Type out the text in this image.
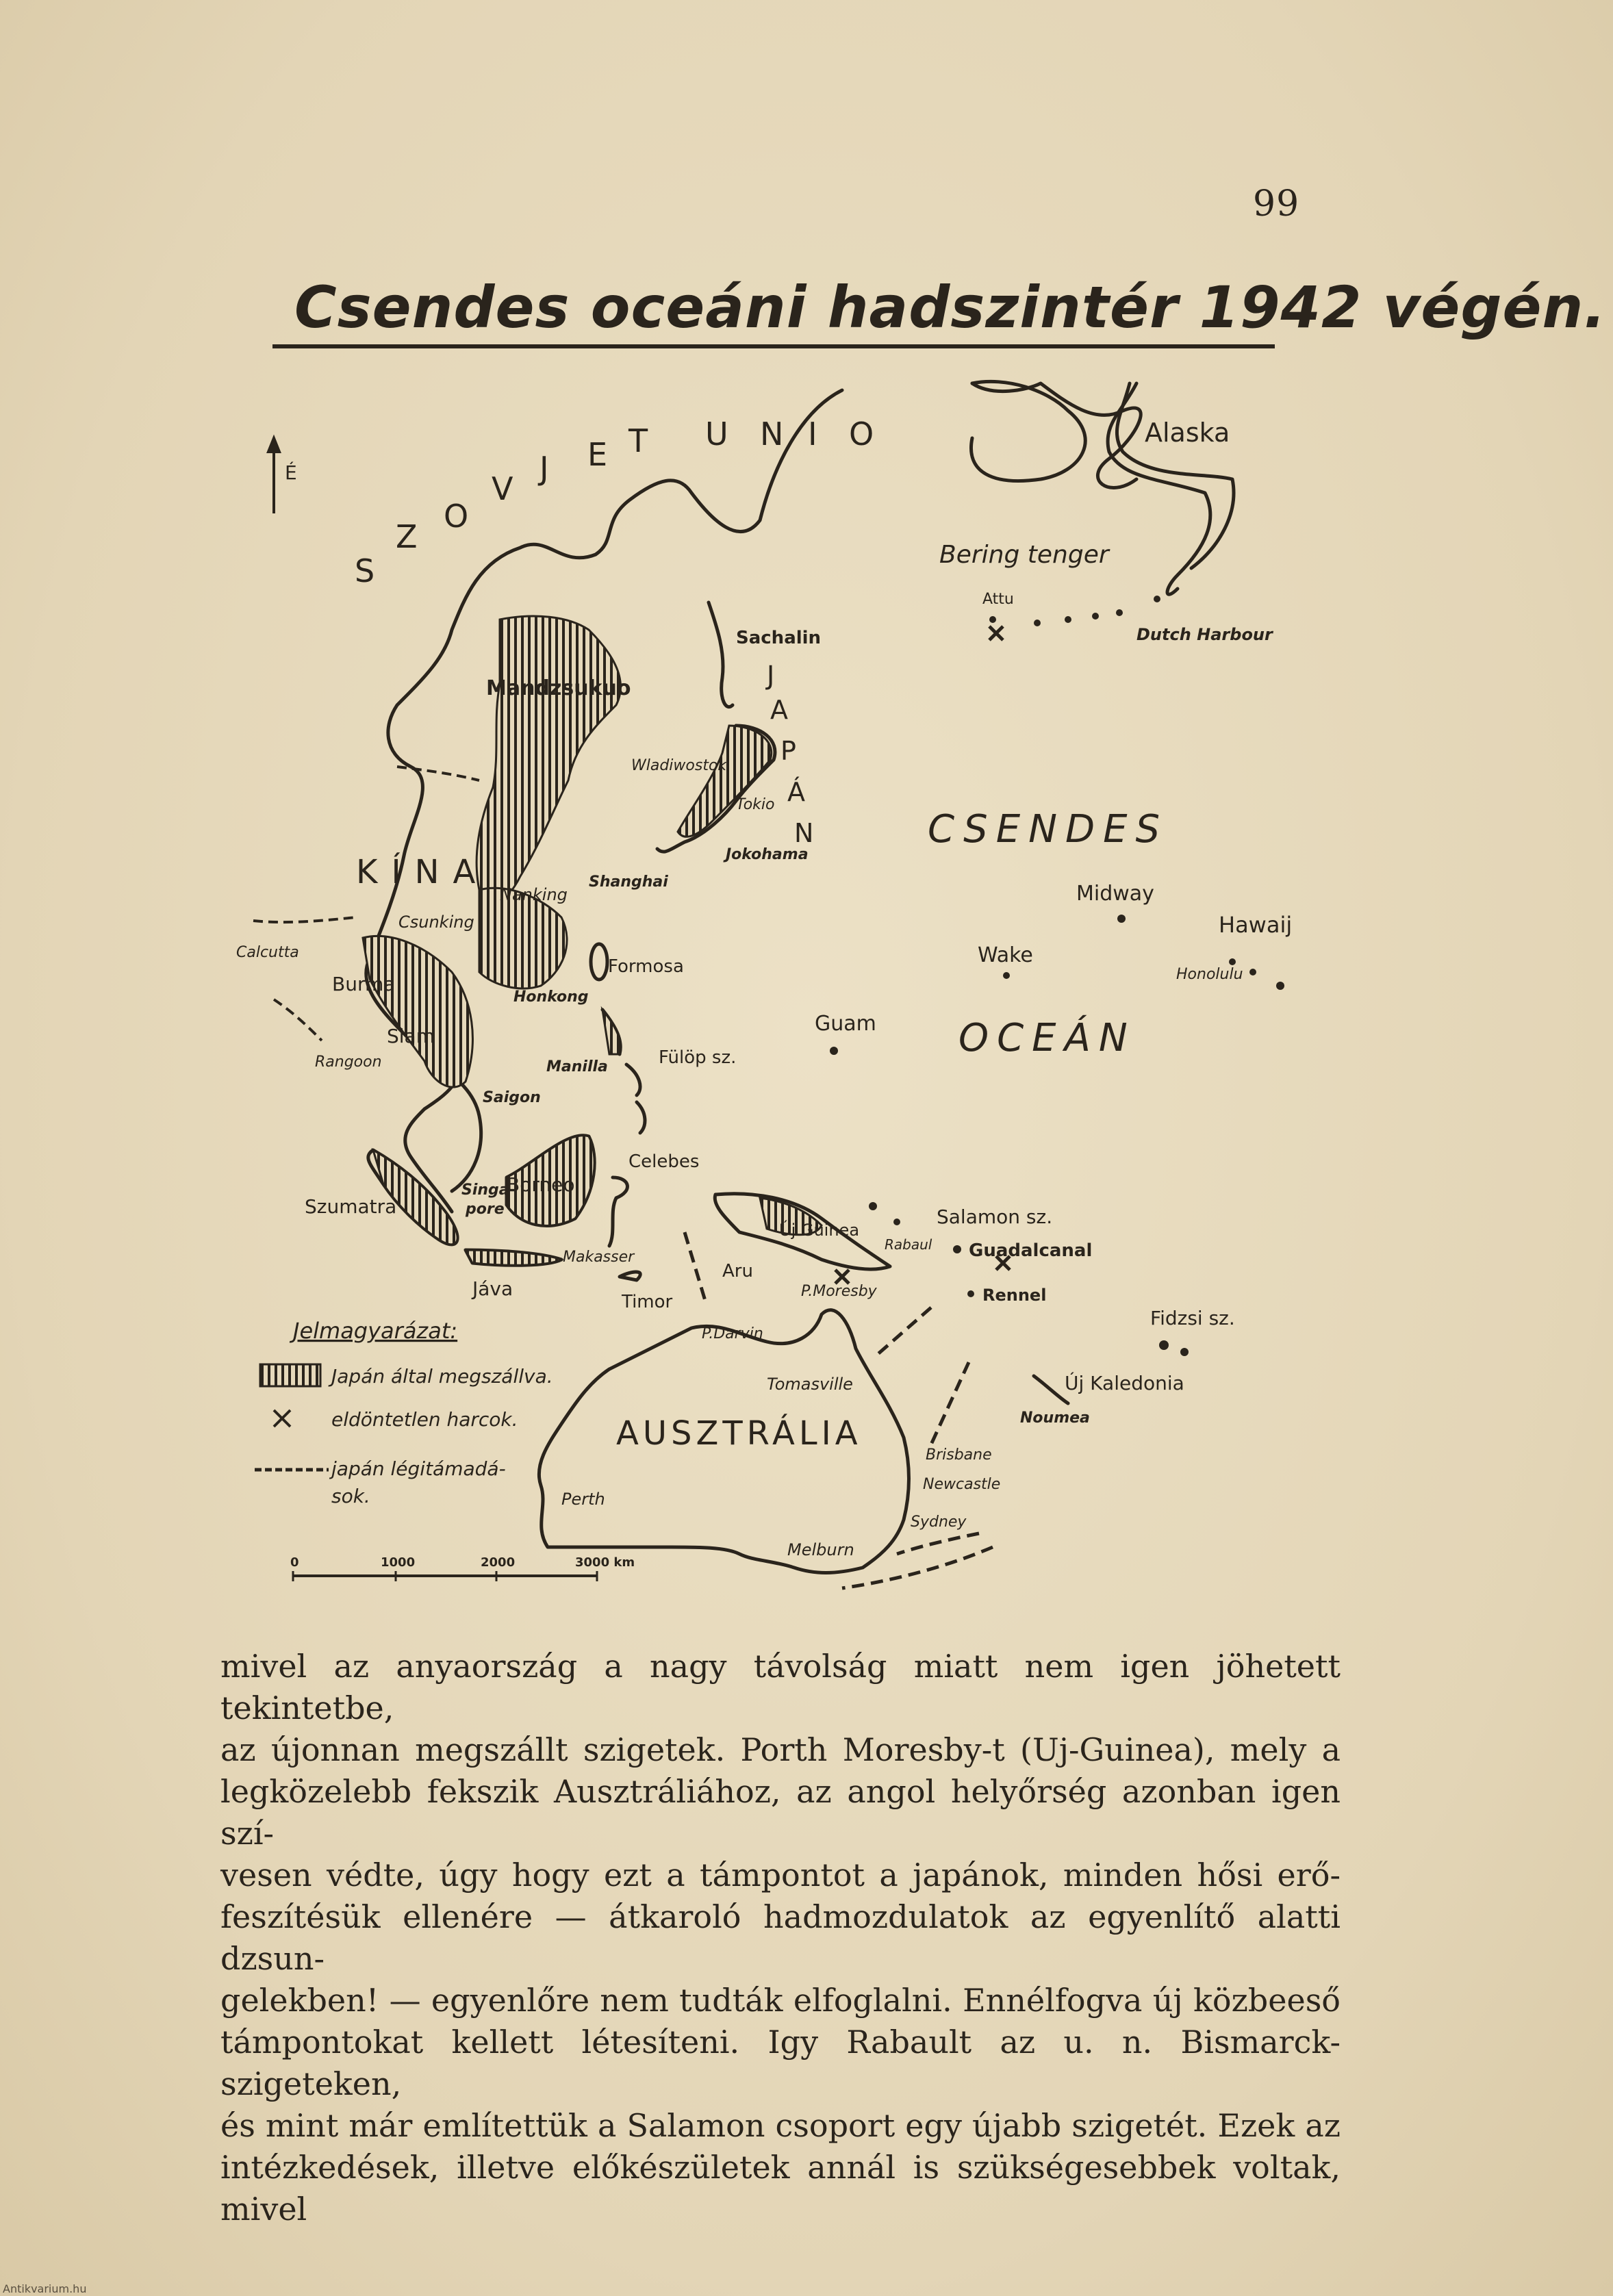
99
Csendes oceáni hadszintér 1942 végén.
É
S
Z
O
V
J E T U N I O
J
A
P
Á
N
KÍNA
AUSZTRÁLIA
CSENDES
OCEÁN
Alaska
Bering tenger
Attu
Dutch Harbour
Sachalin
Mandzsukuo
Wladiwostok
Tokio
Jokohama
Nanking
Shanghai
Csunking
Calcutta
Burma
Siam
Rangoon
Saigon
Formosa
Honkong
Manilla	Fülöp sz.
Guam
Midway
Wake
Hawaij
Honolulu
Celebes
Borneo
Singa-
pore
Szumatra
Makasser
Jáva
Timor
Aru
Új Guinea
Rabaul
P.Moresby
Salamon sz.
Guadalcanal
Rennel
Fidzsi sz.
Új Kaledonia
Noumea
P.Darvin
Tomasville
Brisbane
Newcastle
Sydney
Melburn
Perth
Jelmagyarázat:
Japán által megszállva.
eldöntetlen harcok.
japán légitámadá-
sok.
0	1000	2000	3000 km
mivel az anyaország a nagy távolság miatt nem igen jöhetett tekintetbe,
az újonnan megszállt szigetek. Porth Moresby-t (Uj-Guinea), mely a
legközelebb fekszik Ausztráliához, az angol helyőrség azonban igen szí-
vesen védte, úgy hogy ezt a támpontot a japánok, minden hősi erő-
feszítésük ellenére — átkaroló hadmozdulatok az egyenlítő alatti dzsun-
gelekben! — egyenlőre nem tudták elfoglalni. Ennélfogva új közbeeső
támpontokat kellett létesíteni. Igy Rabault az u. n. Bismarck-szigeteken,
és mint már említettük a Salamon csoport egy újabb szigetét. Ezek az
intézkedések, illetve előkészületek annál is szükségesebbek voltak, mivel
Antikvarium.hu
